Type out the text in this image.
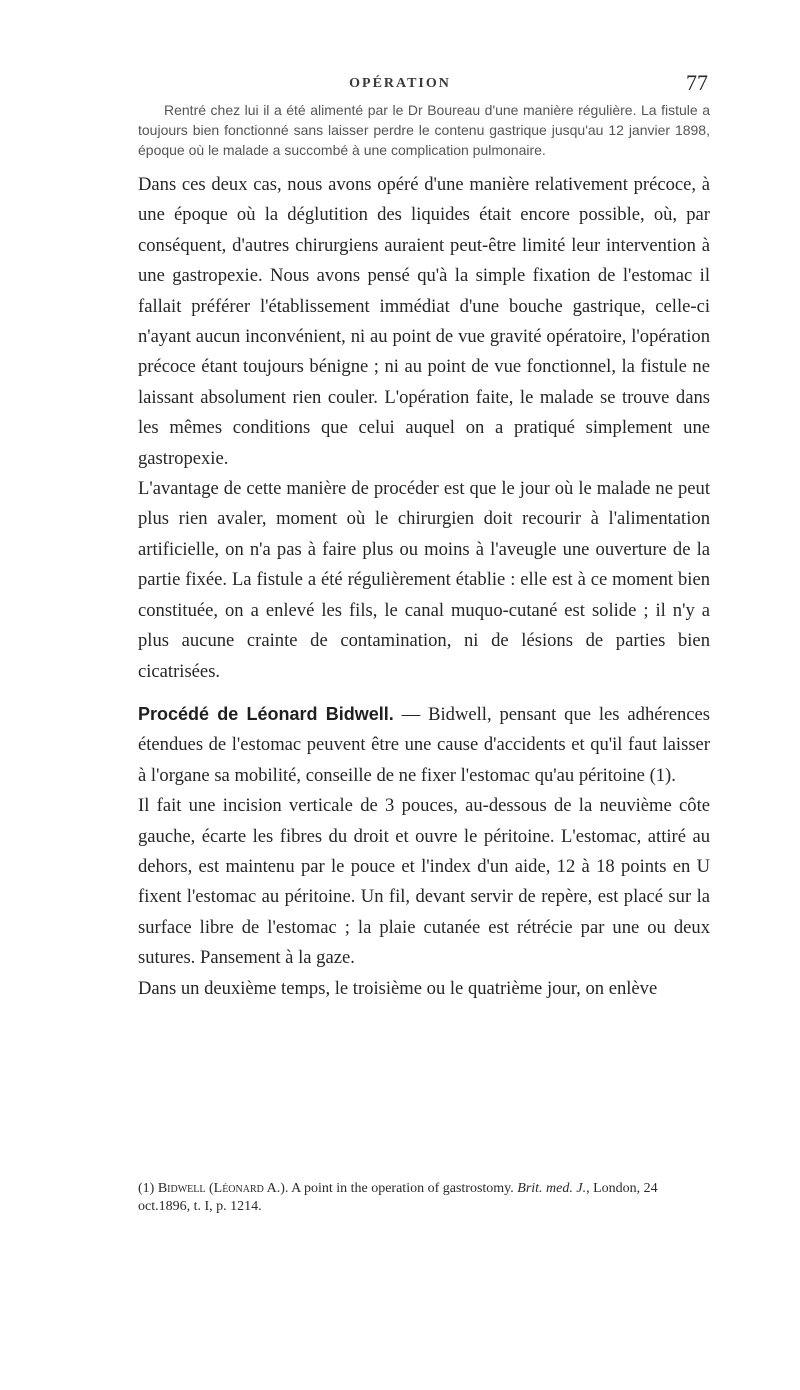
OPÉRATION	77

Rentré chez lui il a été alimenté par le Dr Boureau d'une manière régulière. La fistule a toujours bien fonctionné sans laisser perdre le contenu gastrique jusqu'au 12 janvier 1898, époque où le malade a succombé à une complication pulmonaire.

Dans ces deux cas, nous avons opéré d'une manière relativement précoce, à une époque où la déglutition des liquides était encore possible, où, par conséquent, d'autres chirurgiens auraient peut-être limité leur intervention à une gastropexie. Nous avons pensé qu'à la simple fixation de l'estomac il fallait préférer l'établissement immédiat d'une bouche gastrique, celle-ci n'ayant aucun inconvénient, ni au point de vue gravité opératoire, l'opération précoce étant toujours bénigne ; ni au point de vue fonctionnel, la fistule ne laissant absolument rien couler. L'opération faite, le malade se trouve dans les mêmes conditions que celui auquel on a pratiqué simplement une gastropexie.

L'avantage de cette manière de procéder est que le jour où le malade ne peut plus rien avaler, moment où le chirurgien doit recourir à l'alimentation artificielle, on n'a pas à faire plus ou moins à l'aveugle une ouverture de la partie fixée. La fistule a été régulièrement établie : elle est à ce moment bien constituée, on a enlevé les fils, le canal muquo-cutané est solide ; il n'y a plus aucune crainte de contamination, ni de lésions de parties bien cicatrisées.

Procédé de Léonard Bidwell. — Bidwell, pensant que les adhérences étendues de l'estomac peuvent être une cause d'accidents et qu'il faut laisser à l'organe sa mobilité, conseille de ne fixer l'estomac qu'au péritoine (1).

Il fait une incision verticale de 3 pouces, au-dessous de la neuvième côte gauche, écarte les fibres du droit et ouvre le péritoine. L'estomac, attiré au dehors, est maintenu par le pouce et l'index d'un aide, 12 à 18 points en U fixent l'estomac au péritoine. Un fil, devant servir de repère, est placé sur la surface libre de l'estomac ; la plaie cutanée est rétrécie par une ou deux sutures. Pansement à la gaze.

Dans un deuxième temps, le troisième ou le quatrième jour, on enlève

(1) Bidwell (Léonard A.). A point in the operation of gastrostomy. Brit. med. J., London, 24 oct.1896, t. I, p. 1214.
